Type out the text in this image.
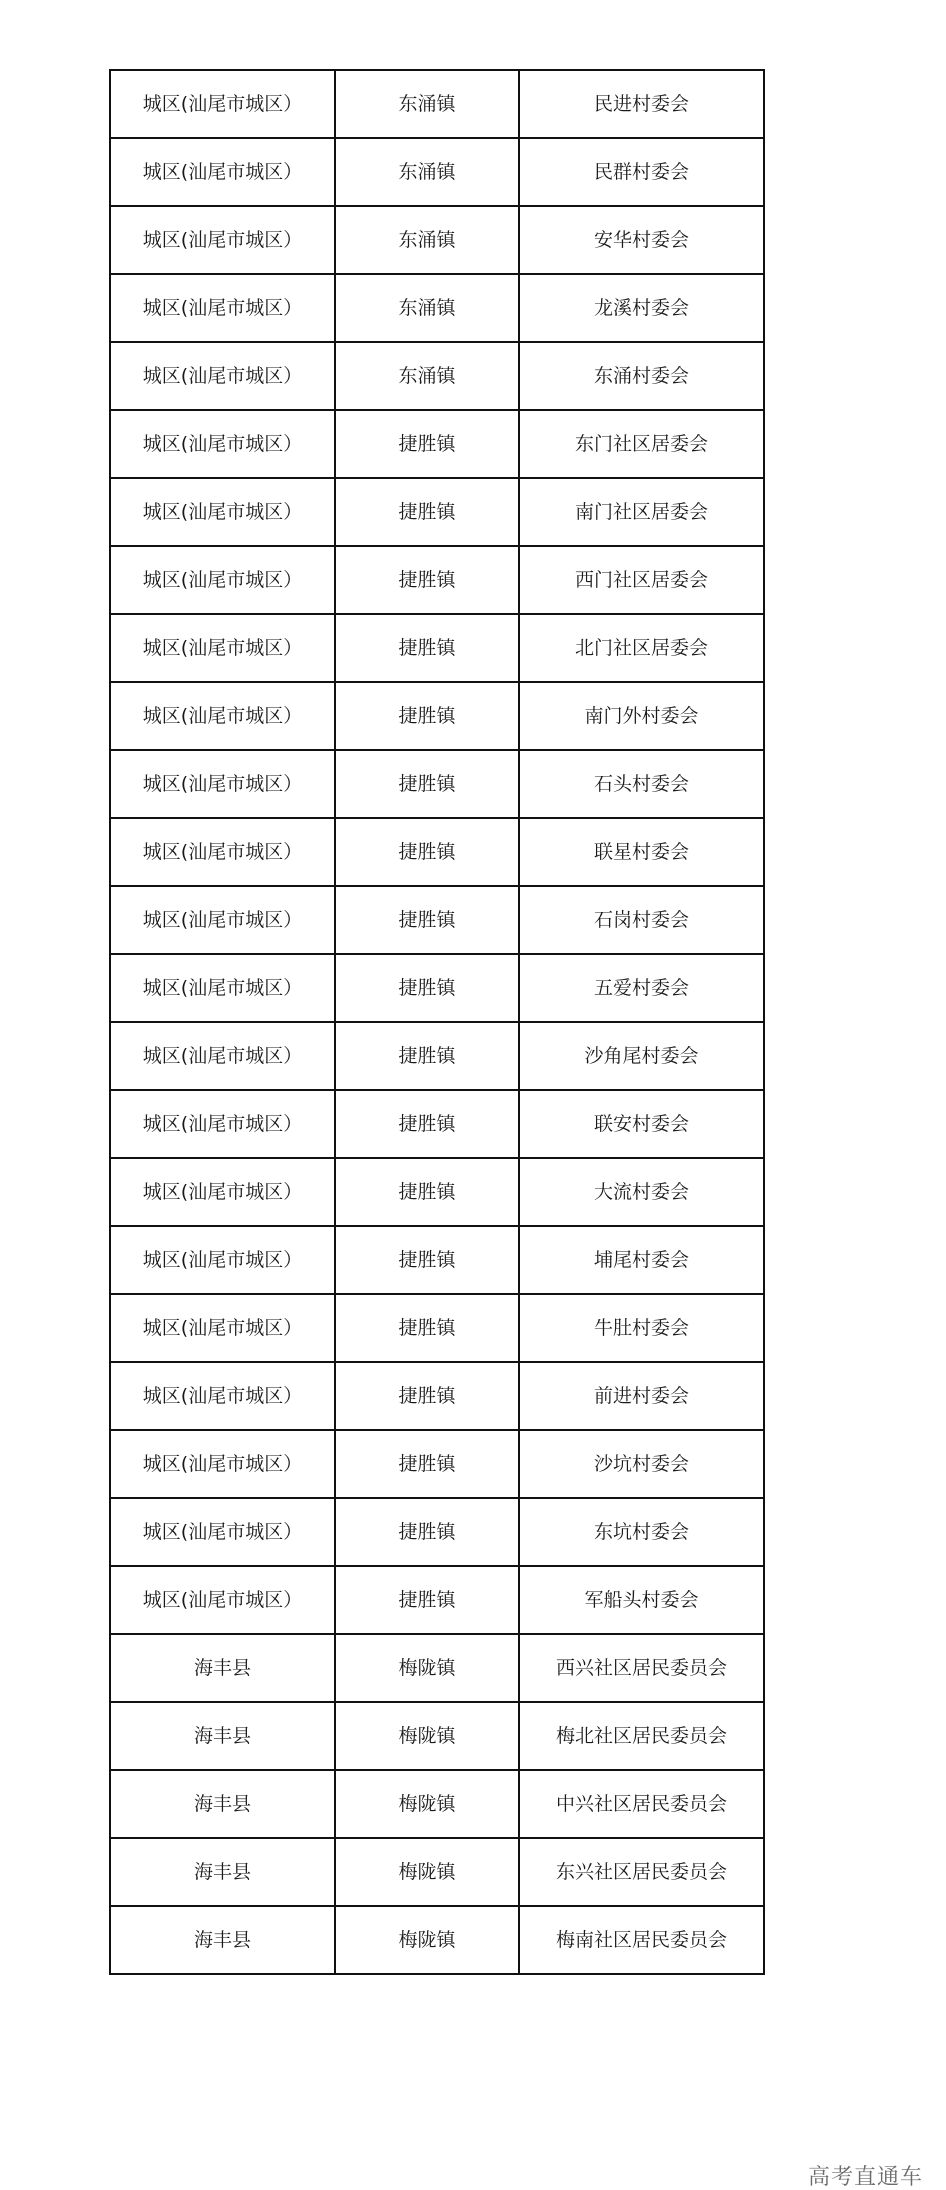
城区(汕尾市城区）	东涌镇	民进村委会
城区(汕尾市城区）	东涌镇	民群村委会
城区(汕尾市城区）	东涌镇	安华村委会
城区(汕尾市城区）	东涌镇	龙溪村委会
城区(汕尾市城区）	东涌镇	东涌村委会
城区(汕尾市城区）	捷胜镇	东门社区居委会
城区(汕尾市城区）	捷胜镇	南门社区居委会
城区(汕尾市城区）	捷胜镇	西门社区居委会
城区(汕尾市城区）	捷胜镇	北门社区居委会
城区(汕尾市城区）	捷胜镇	南门外村委会
城区(汕尾市城区）	捷胜镇	石头村委会
城区(汕尾市城区）	捷胜镇	联星村委会
城区(汕尾市城区）	捷胜镇	石岗村委会
城区(汕尾市城区）	捷胜镇	五爱村委会
城区(汕尾市城区）	捷胜镇	沙角尾村委会
城区(汕尾市城区）	捷胜镇	联安村委会
城区(汕尾市城区）	捷胜镇	大流村委会
城区(汕尾市城区）	捷胜镇	埔尾村委会
城区(汕尾市城区）	捷胜镇	牛肚村委会
城区(汕尾市城区）	捷胜镇	前进村委会
城区(汕尾市城区）	捷胜镇	沙坑村委会
城区(汕尾市城区）	捷胜镇	东坑村委会
城区(汕尾市城区）	捷胜镇	军船头村委会
海丰县	梅陇镇	西兴社区居民委员会
海丰县	梅陇镇	梅北社区居民委员会
海丰县	梅陇镇	中兴社区居民委员会
海丰县	梅陇镇	东兴社区居民委员会
海丰县	梅陇镇	梅南社区居民委员会
高考直通车
